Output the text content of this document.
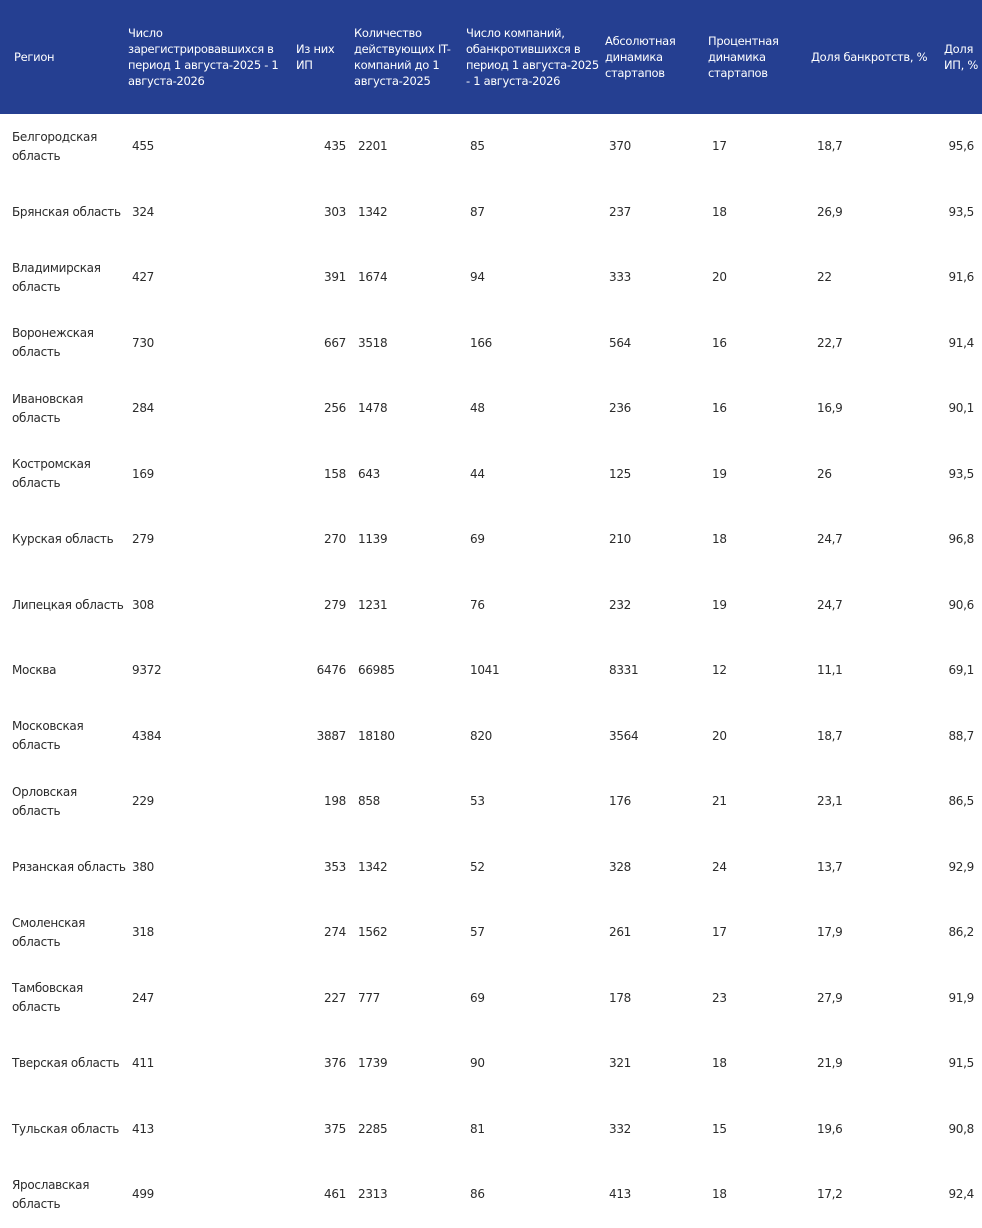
Регион	Число зарегистрировавшихся в период 1 августа-2025 - 1 августа-2026	Из них ИП	Количество действующих IT-компаний до 1 августа-2025	Число компаний, обанкротившихся в период 1 августа-2025 - 1 августа-2026	Абсолютная динамика стартапов	Процентная динамика стартапов	Доля банкротств, %	Доля ИП, %
Белгородская область	455	435	2201	85	370	17	18,7	95,6
Брянская область	324	303	1342	87	237	18	26,9	93,5
Владимирская область	427	391	1674	94	333	20	22	91,6
Воронежская область	730	667	3518	166	564	16	22,7	91,4
Ивановская область	284	256	1478	48	236	16	16,9	90,1
Костромская область	169	158	643	44	125	19	26	93,5
Курская область	279	270	1139	69	210	18	24,7	96,8
Липецкая область	308	279	1231	76	232	19	24,7	90,6
Москва	9372	6476	66985	1041	8331	12	11,1	69,1
Московская область	4384	3887	18180	820	3564	20	18,7	88,7
Орловская область	229	198	858	53	176	21	23,1	86,5
Рязанская область	380	353	1342	52	328	24	13,7	92,9
Смоленская область	318	274	1562	57	261	17	17,9	86,2
Тамбовская область	247	227	777	69	178	23	27,9	91,9
Тверская область	411	376	1739	90	321	18	21,9	91,5
Тульская область	413	375	2285	81	332	15	19,6	90,8
Ярославская область	499	461	2313	86	413	18	17,2	92,4
